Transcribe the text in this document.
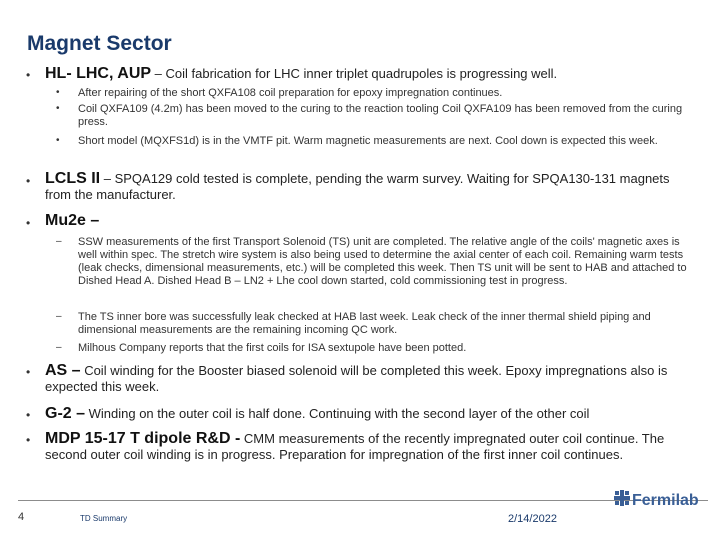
Magnet Sector
• HL- LHC, AUP – Coil fabrication for LHC inner triplet quadrupoles is progressing well.
• After repairing of the short QXFA108 coil preparation for epoxy impregnation continues.
• Coil QXFA109 (4.2m) has been moved to the curing to the reaction tooling Coil QXFA109 has been removed from the curing press.
• Short model (MQXFS1d) is in the VMTF pit. Warm magnetic measurements are next. Cool down is expected this week.
• LCLS II – SPQA129 cold tested is complete, pending the warm survey. Waiting for SPQA130-131 magnets from the manufacturer.
• Mu2e –
– SSW measurements of the first Transport Solenoid (TS) unit are completed. The relative angle of the coils' magnetic axes is well within spec. The stretch wire system is also being used to determine the axial center of each coil. Remaining warm tests (leak checks, dimensional measurements, etc.) will be completed this week. Then TS unit will be sent to HAB and attached to Dished Head A. Dished Head B – LN2 + Lhe cool down started, cold commissioning test in progress.
– The TS inner bore was successfully leak checked at HAB last week. Leak check of the inner thermal shield piping and dimensional measurements are the remaining incoming QC work.
– Milhous Company reports that the first coils for ISA sextupole have been potted.
• AS – Coil winding for the Booster biased solenoid will be completed this week. Epoxy impregnations also is expected this week.
• G-2 – Winding on the outer coil is half done. Continuing with the second layer of the other coil
• MDP 15-17 T dipole R&D - CMM measurements of the recently impregnated outer coil continue. The second outer coil winding is in progress. Preparation for impregnation of the first inner coil continues.
Fermilab
4	TD Summary	2/14/2022
